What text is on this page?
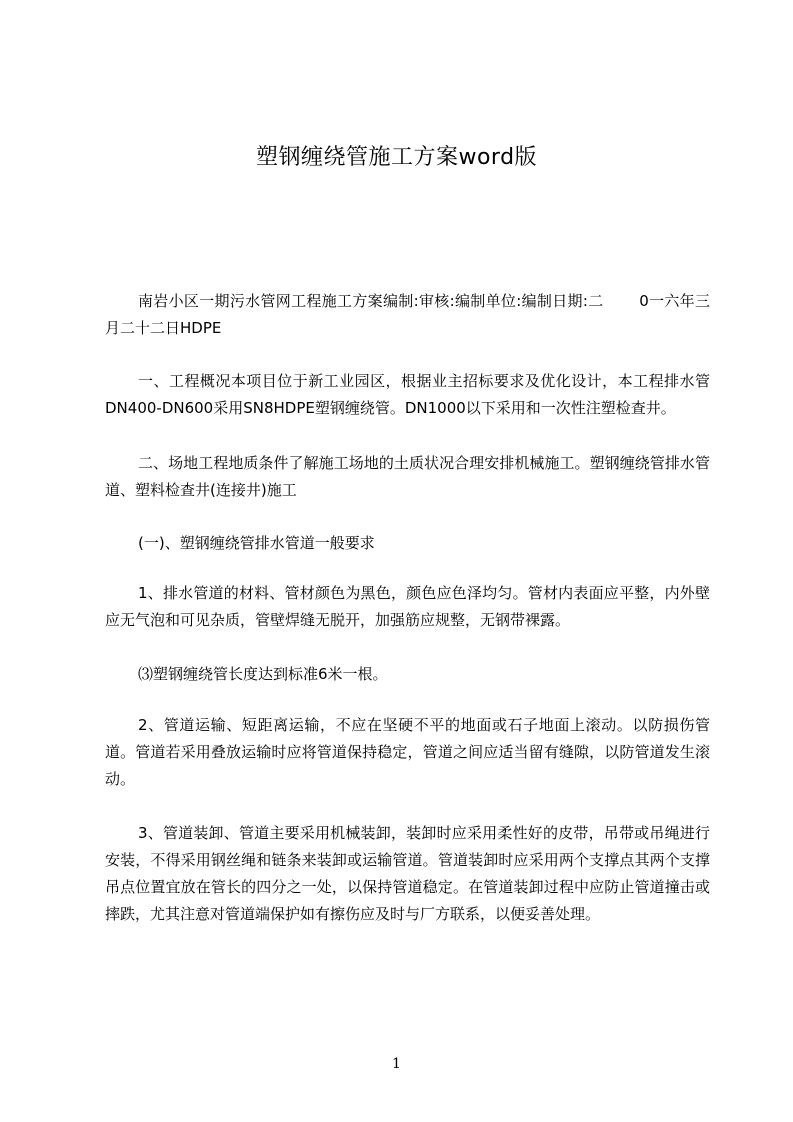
塑钢缠绕管施工方案word版

南岩小区一期污水管网工程施工方案编制:审核:编制单位:编制日期:二　　 0一六年三月二十二日HDPE

一、工程概况本项目位于新工业园区，根据业主招标要求及优化设计，本工程排水管DN400-DN600采用SN8HDPE塑钢缠绕管。DN1000以下采用和一次性注塑检查井。

二、场地工程地质条件了解施工场地的土质状况合理安排机械施工。塑钢缠绕管排水管道、塑料检查井(连接井)施工

(一)、塑钢缠绕管排水管道一般要求

1、排水管道的材料、管材颜色为黑色，颜色应色泽均匀。管材内表面应平整，内外壁应无气泡和可见杂质，管壁焊缝无脱开，加强筋应规整，无钢带裸露。

⑶塑钢缠绕管长度达到标准6米一根。

2、管道运输、短距离运输，不应在坚硬不平的地面或石子地面上滚动。以防损伤管道。管道若采用叠放运输时应将管道保持稳定，管道之间应适当留有缝隙，以防管道发生滚动。

3、管道装卸、管道主要采用机械装卸，装卸时应采用柔性好的皮带，吊带或吊绳进行安装，不得采用钢丝绳和链条来装卸或运输管道。管道装卸时应采用两个支撑点其两个支撑吊点位置宜放在管长的四分之一处，以保持管道稳定。在管道装卸过程中应防止管道撞击或摔跌，尤其注意对管道端保护如有擦伤应及时与厂方联系，以便妥善处理。

1
